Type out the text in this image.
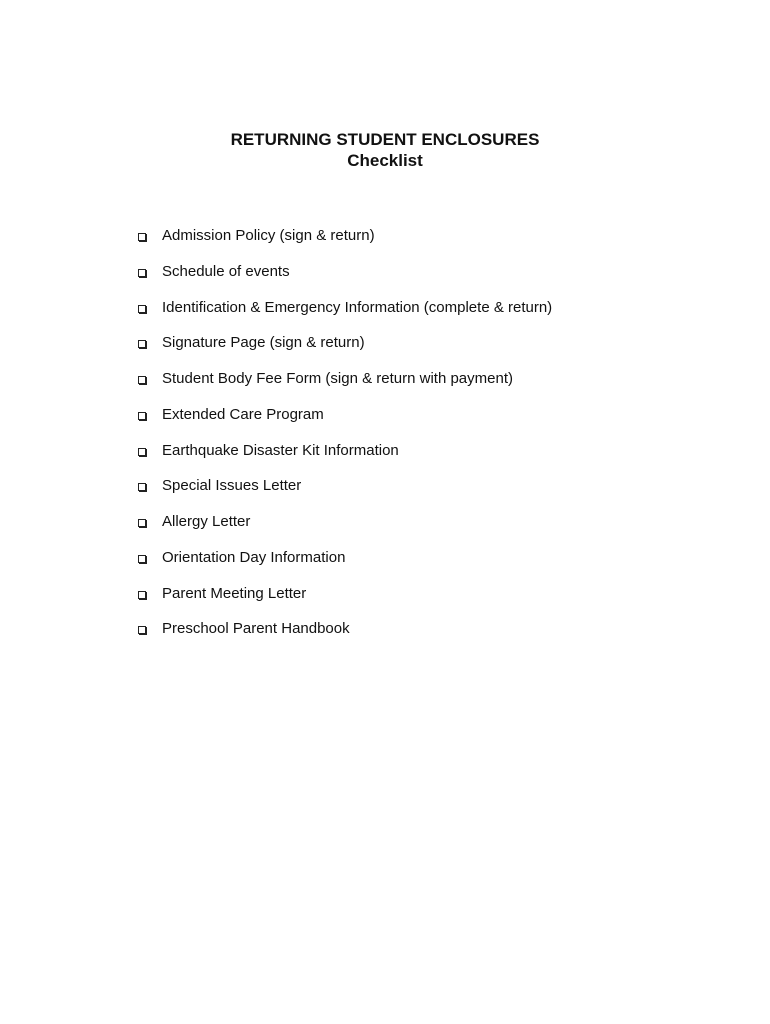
RETURNING STUDENT ENCLOSURES
Checklist
Admission Policy (sign & return)
Schedule of events
Identification & Emergency Information (complete & return)
Signature Page (sign & return)
Student Body Fee Form (sign & return with payment)
Extended Care Program
Earthquake Disaster Kit Information
Special Issues Letter
Allergy Letter
Orientation Day Information
Parent Meeting Letter
Preschool Parent Handbook
